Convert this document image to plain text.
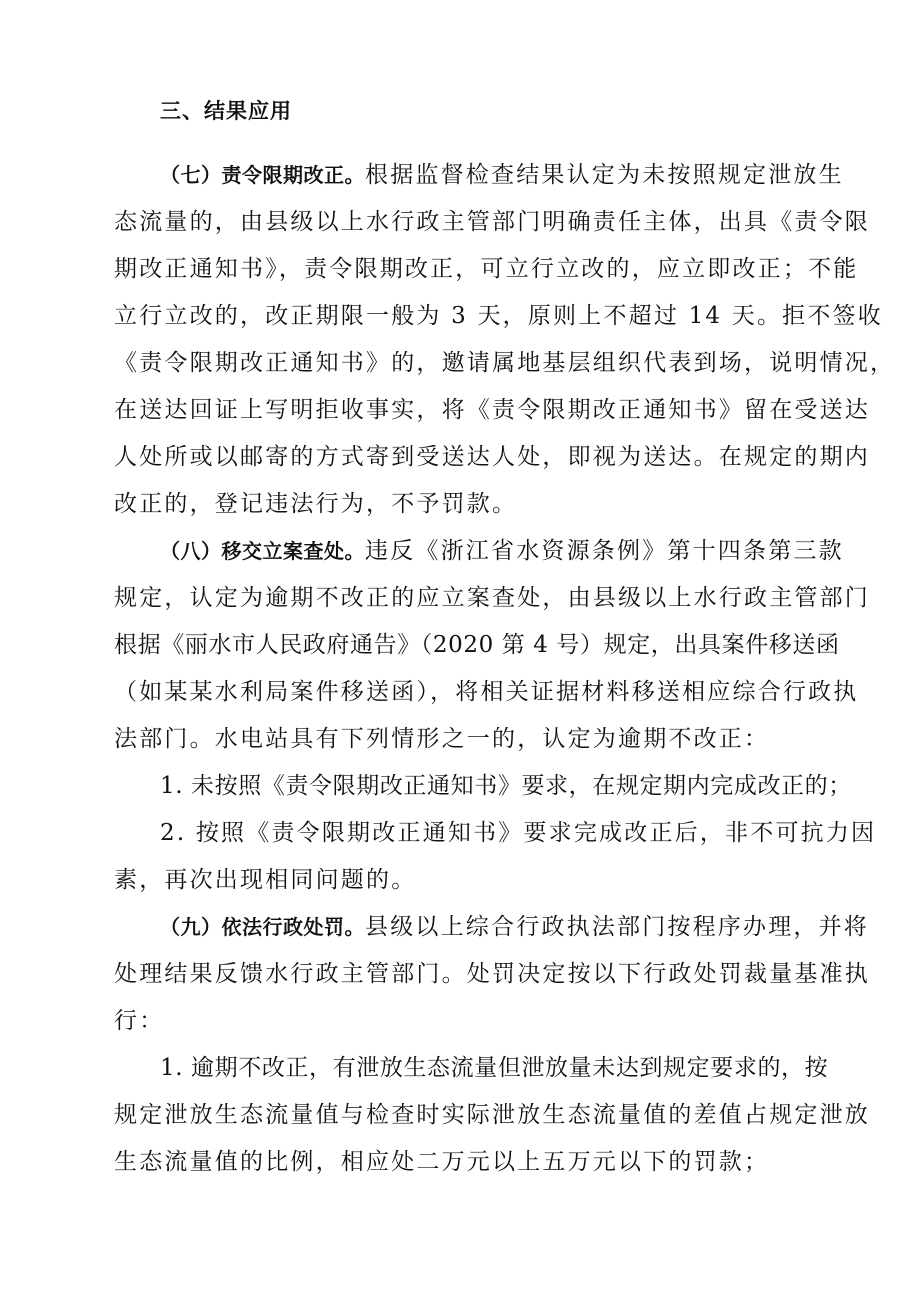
三、结果应用
（七）责令限期改正。根据监督检查结果认定为未按照规定泄放生
态流量的，由县级以上水行政主管部门明确责任主体，出具《责令限
期改正通知书》，责令限期改正，可立行立改的，应立即改正；不能
立行立改的，改正期限一般为 3 天，原则上不超过 14 天。拒不签收
《责令限期改正通知书》的，邀请属地基层组织代表到场，说明情况，
在送达回证上写明拒收事实，将《责令限期改正通知书》留在受送达
人处所或以邮寄的方式寄到受送达人处，即视为送达。在规定的期内
改正的，登记违法行为，不予罚款。
（八）移交立案查处。违反《浙江省水资源条例》第十四条第三款
规定，认定为逾期不改正的应立案查处，由县级以上水行政主管部门
根据《丽水市人民政府通告》（2020 第 4 号）规定，出具案件移送函
（如某某水利局案件移送函），将相关证据材料移送相应综合行政执
法部门。水电站具有下列情形之一的，认定为逾期不改正：
1. 未按照《责令限期改正通知书》要求，在规定期内完成改正的；
2. 按照《责令限期改正通知书》要求完成改正后，非不可抗力因
素，再次出现相同问题的。
（九）依法行政处罚。县级以上综合行政执法部门按程序办理，并将
处理结果反馈水行政主管部门。处罚决定按以下行政处罚裁量基准执
行：
1. 逾期不改正，有泄放生态流量但泄放量未达到规定要求的，按
规定泄放生态流量值与检查时实际泄放生态流量值的差值占规定泄放
生态流量值的比例，相应处二万元以上五万元以下的罚款；
